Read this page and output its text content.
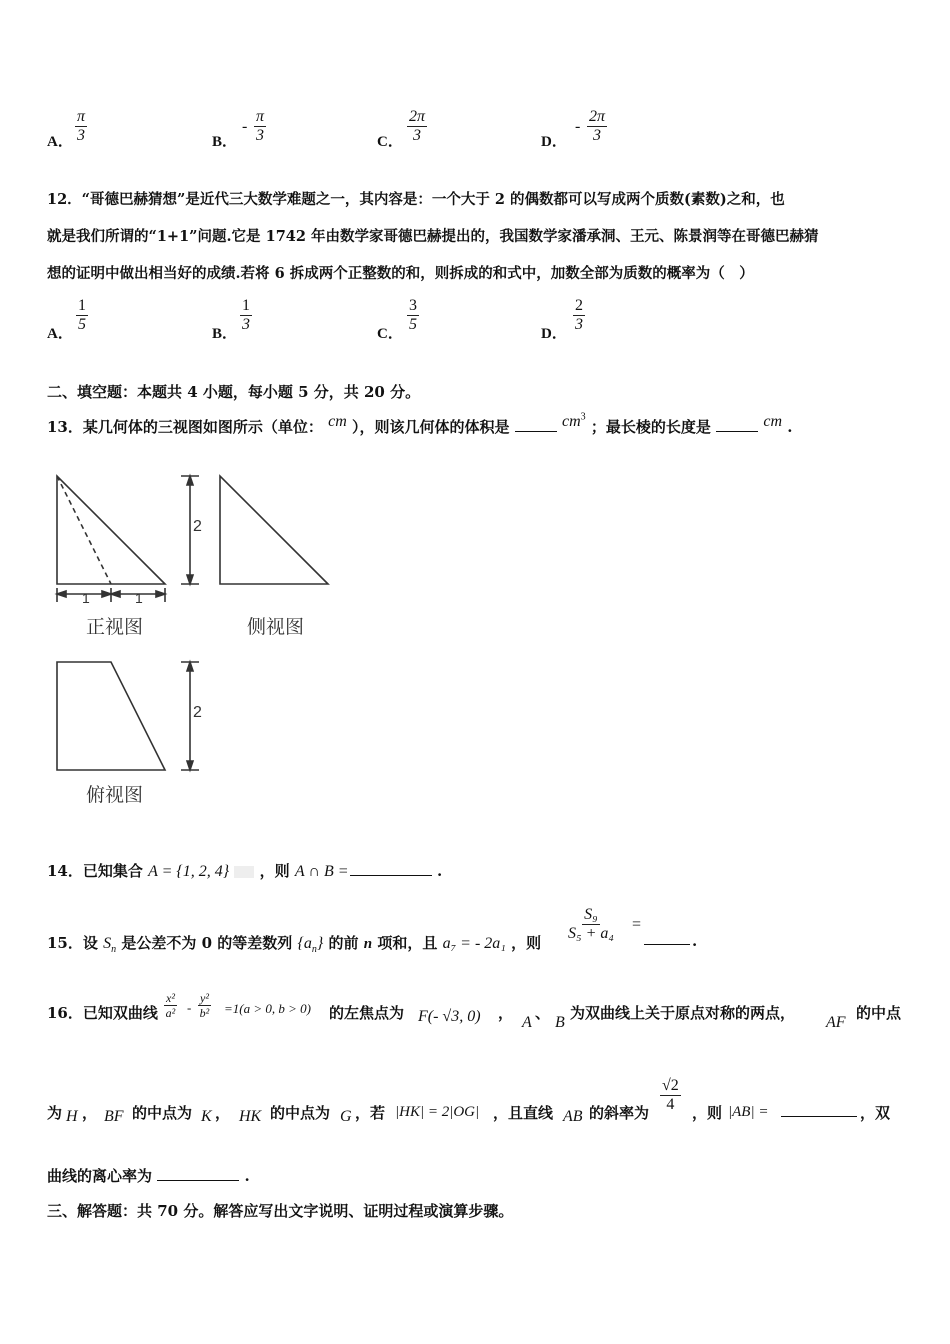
A． $\frac{\pi}{3}$	B．
- $\frac{\pi}{3}$	C． $\frac{2\pi}{3}$	D．
- $\frac{2\pi}{3}$
12．“哥德巴赫猜想”是近代三大数学难题之一，其内容是：一个大于 2 的偶数都可以写成两个质数(素数)之和，也
就是我们所谓的“1+1”问题.它是 1742 年由数学家哥德巴赫提出的，我国数学家潘承洞、王元、陈景润等在哥德巴赫猜
想的证明中做出相当好的成绩.若将 6 拆成两个正整数的和，则拆成的和式中，加数全部为质数的概率为（　）
A． $\frac{1}{5}$	B． $\frac{1}{3}$	C． $\frac{3}{5}$	D． $\frac{2}{3}$
二、填空题：本题共 4 小题，每小题 5 分，共 20 分。
13．某几何体的三视图如图所示（单位： cm ），则该几何体的体积是	$cm^3$ ；最长棱的长度是	cm .
2
1	1
正视图	侧视图
2
俯视图
14．已知集合 A = {1, 2, 4} ，则 A ∩ B =	.
15．设 $S_n$ 是公差不为 0 的等差数列 $\{a_n\}$ 的前 n 项和，且 a₇ = - 2a₁ ，则 $\frac{\text{S₉}}{\text{S₅ + a₄}}$ =
.
16．已知双曲线 $\frac{\text{x²}}{\text{a²}} - \frac{\text{y²}}{\text{b²}} =1(a > 0$, b > 0) 的左焦点为 F(- √3, 0) ，
A
、
B
为双曲线上关于原点对称的两点，
AF
的中点
为 H ， BF 的中点为 K ， HK 的中点为 G ，若 |HK| = 2|OG| ，且直线 AB 的斜率为 $\frac{√2}{4}$ ，则 |AB| =	，双
曲线的离心率为	.
三、解答题：共 70 分。解答应写出文字说明、证明过程或演算步骤。
